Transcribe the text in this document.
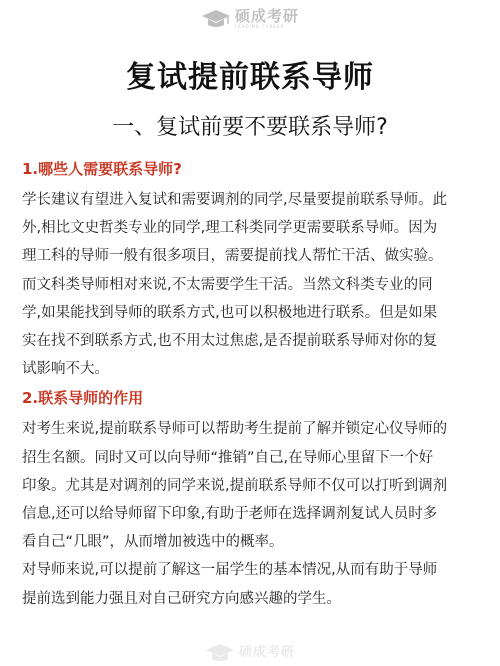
硕成考研
LEADING CAREER
复试提前联系导师
一、复试前要不要联系导师?
1.哪些人需要联系导师?

学长建议有望进入复试和需要调剂的同学,尽量要提前联系导师。此

外,相比文史哲类专业的同学,理工科类同学更需要联系导师。因为

理工科的导师一般有很多项目，需要提前找人帮忙干活、做实验。

而文科类导师相对来说,不太需要学生干活。当然文科类专业的同

学,如果能找到导师的联系方式,也可以积极地进行联系。但是如果

实在找不到联系方式,也不用太过焦虑,是否提前联系导师对你的复

试影响不大。

2.联系导师的作用

对考生来说,提前联系导师可以帮助考生提前了解并锁定心仪导师的

招生名额。同时又可以向导师“推销”自己,在导师心里留下一个好

印象。尤其是对调剂的同学来说,提前联系导师不仅可以打听到调剂

信息,还可以给导师留下印象,有助于老师在选择调剂复试人员时多

看自己“几眼”，从而增加被选中的概率。

对导师来说,可以提前了解这一届学生的基本情况,从而有助于导师

提前选到能力强且对自己研究方向感兴趣的学生。

硕成考研
